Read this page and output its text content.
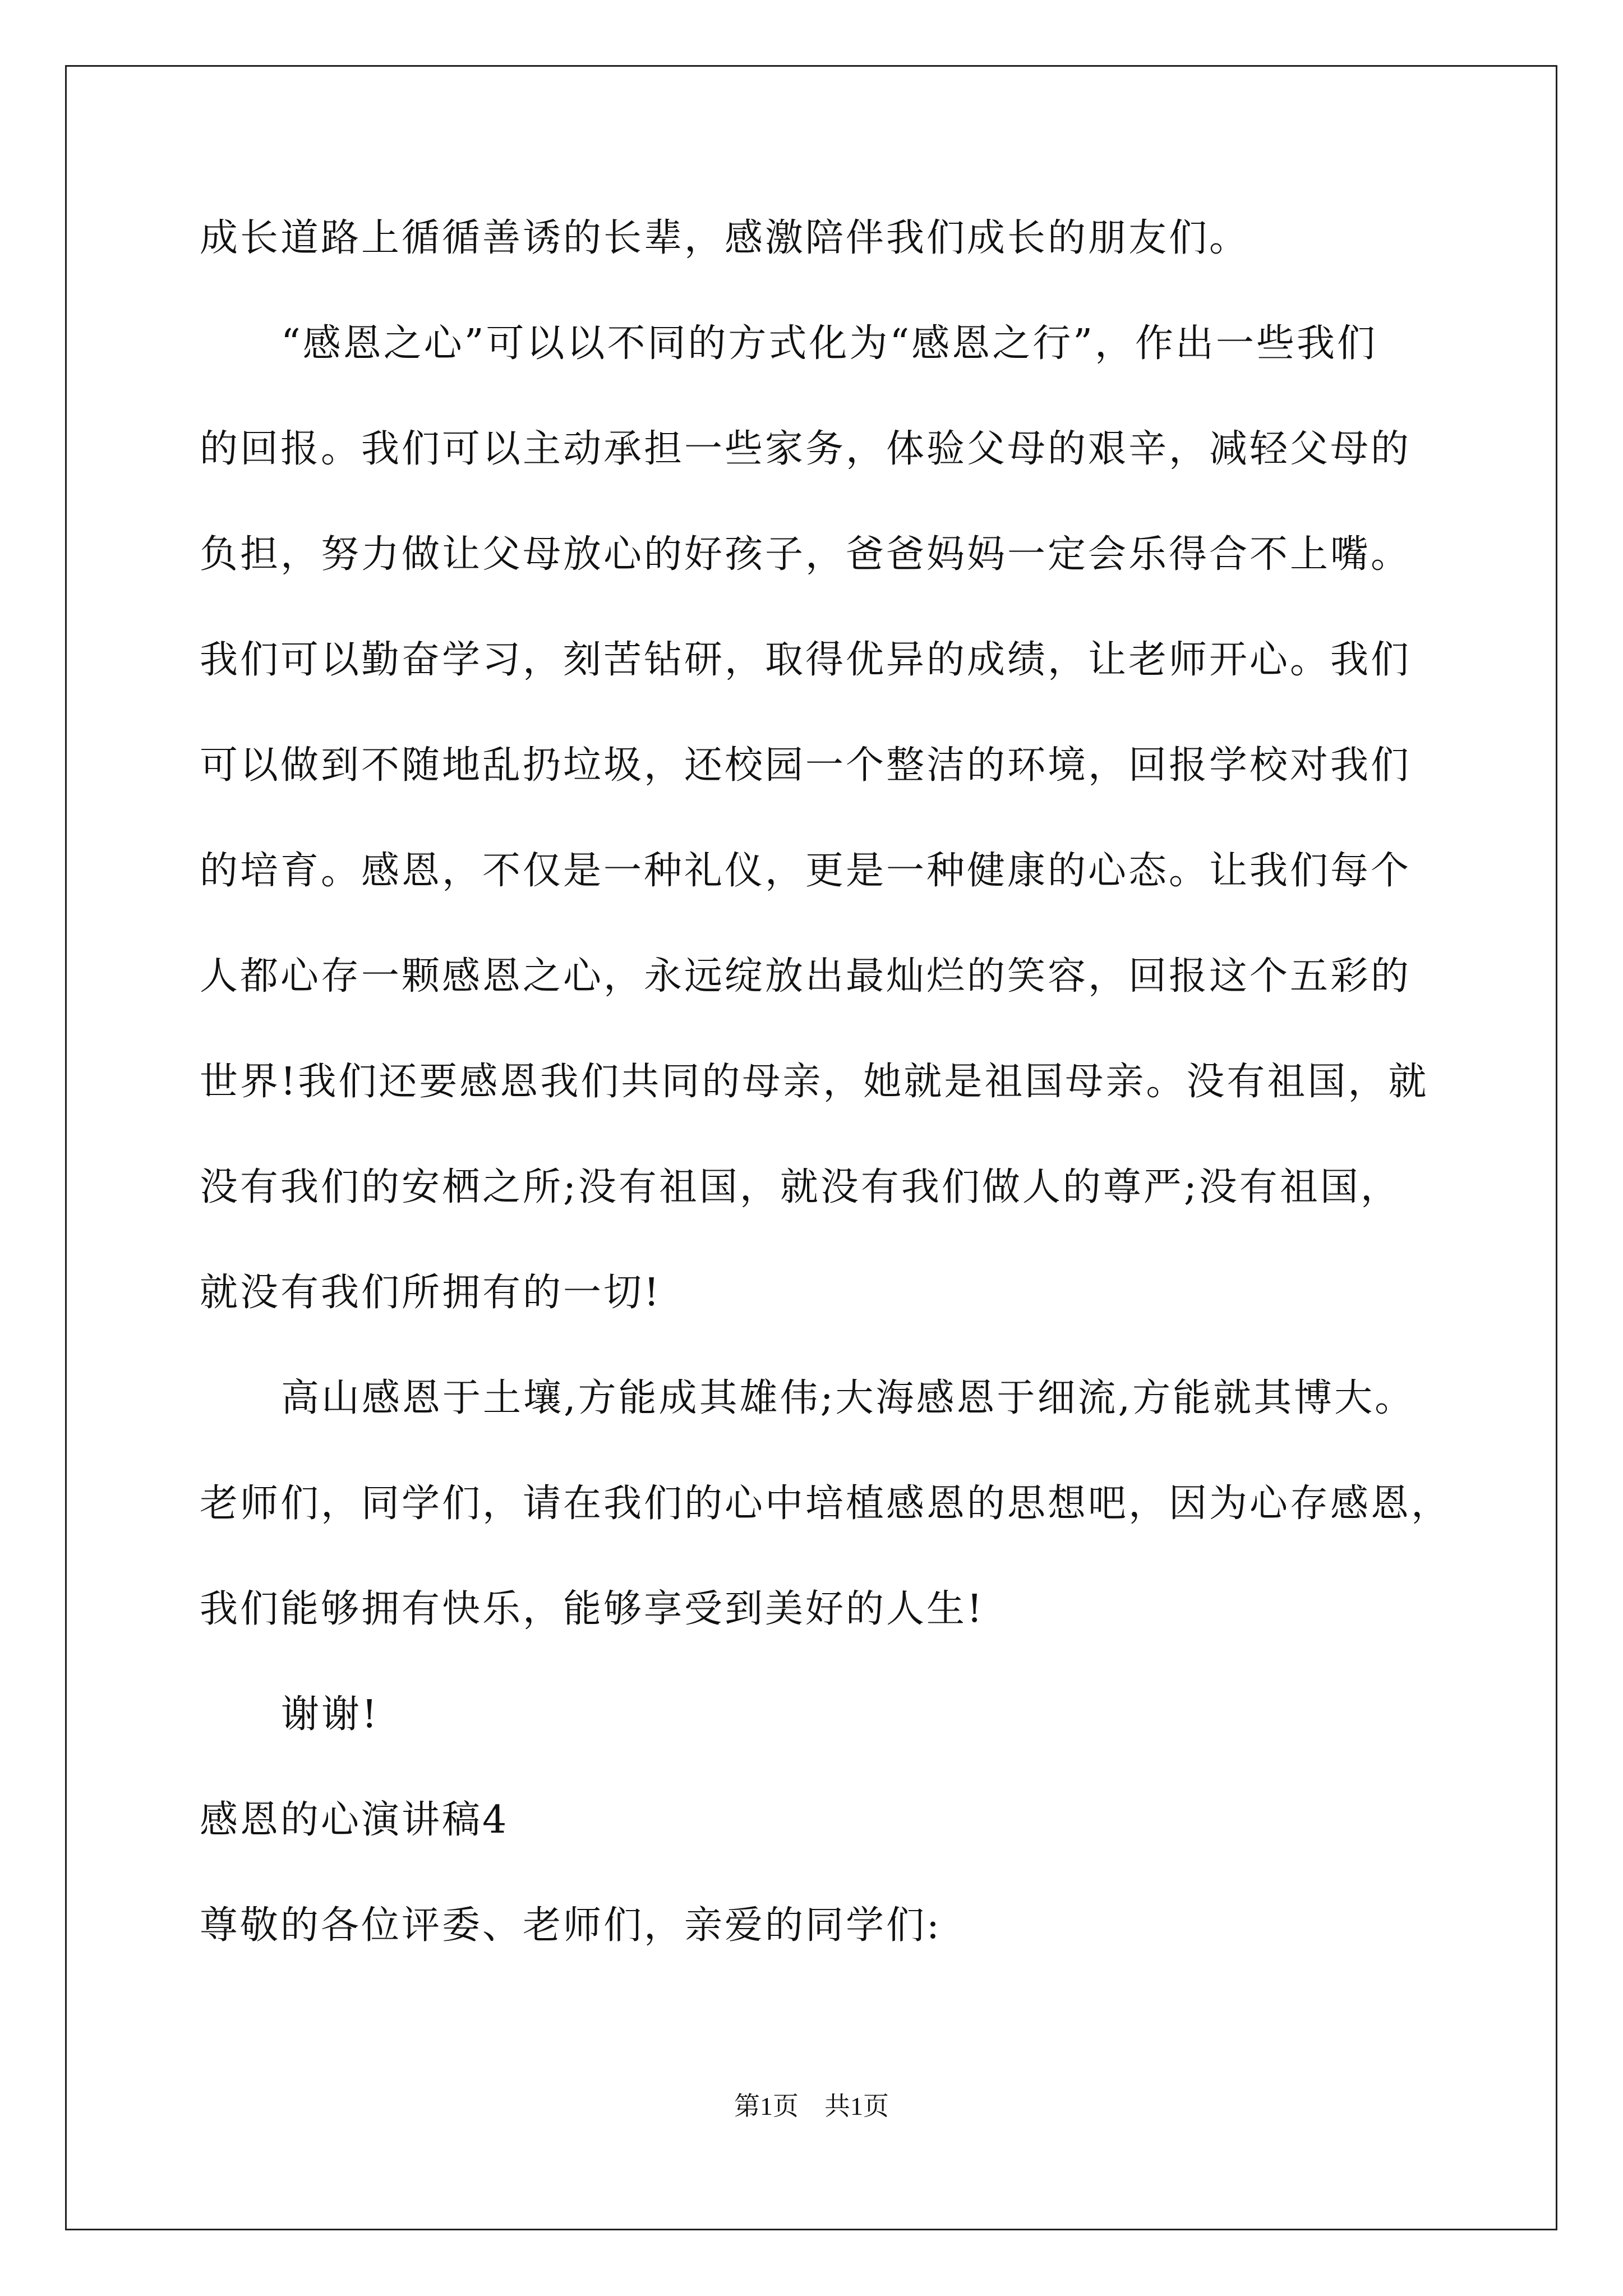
成长道路上循循善诱的长辈，感激陪伴我们成长的朋友们。
“感恩之心”可以以不同的方式化为“感恩之行”，作出一些我们
的回报。我们可以主动承担一些家务，体验父母的艰辛，减轻父母的
负担，努力做让父母放心的好孩子，爸爸妈妈一定会乐得合不上嘴。
我们可以勤奋学习，刻苦钻研，取得优异的成绩，让老师开心。我们
可以做到不随地乱扔垃圾，还校园一个整洁的环境，回报学校对我们
的培育。感恩，不仅是一种礼仪，更是一种健康的心态。让我们每个
人都心存一颗感恩之心，永远绽放出最灿烂的笑容，回报这个五彩的
世界!我们还要感恩我们共同的母亲，她就是祖国母亲。没有祖国，就
没有我们的安栖之所;没有祖国，就没有我们做人的尊严;没有祖国，
就没有我们所拥有的一切!
高山感恩于土壤,方能成其雄伟;大海感恩于细流,方能就其博大。
老师们，同学们，请在我们的心中培植感恩的思想吧，因为心存感恩，
我们能够拥有快乐，能够享受到美好的人生!
谢谢!
感恩的心演讲稿4
尊敬的各位评委、老师们，亲爱的同学们:
第1页　共1页
